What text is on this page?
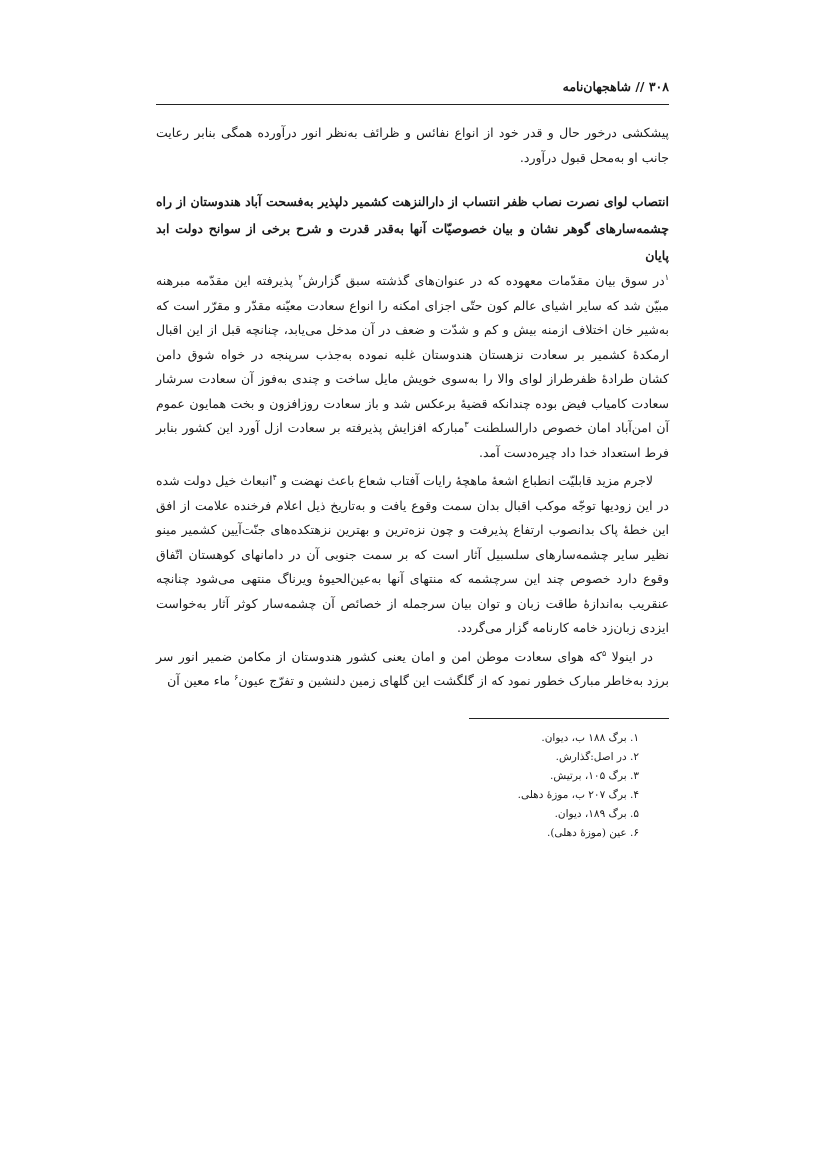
۳۰۸ // شاهجهان‌نامه

پیشکشی درخور حال و قدر خود از انواع نفائس و ظرائف به‌نظر انور درآورده همگی بنابر رعایت جانب او به‌محل قبول درآورد.

انتصاب لوای نصرت نصاب ظفر انتساب از دارالنزهت کشمیر دلپذیر به‌فسحت آباد هندوستان از راه چشمه‌سارهای گوهر نشان و بیان خصوصیّات آنها به‌قدر قدرت و شرح برخی از سوانح دولت ابد پایان

$^۱$در سوق بیان مقدّمات معهوده که در عنوان‌های گذشته سبق گزارش$^۲$ پذیرفته این مقدّمه مبرهنه مبیّن شد که سایر اشیای عالم کون حتّی اجزای امکنه را انواع سعادت معیّنه مقدّر و مقرّر است که به‌شیر خان اختلاف ازمنه بیش و کم و شدّت و ضعف در آن مدخل می‌یابد، چنانچه قبل از این اقبال ارمکدهٔ کشمیر بر سعادت نزهستان هندوستان غلبه نموده به‌جذب سرپنجه در خواه شوق دامن کشان طرادهٔ ظفرطراز لوای والا را به‌سوی خویش مایل ساخت و چندی به‌فوز آن سعادت سرشار سعادت کامیاب فیض بوده چندانکه قضیهٔ برعکس شد و باز سعادت روزافزون و بخت همایون عموم آن امن‌آباد امان خصوص دارالسلطنت $^۳$مبارکه افزایش پذیرفته بر سعادت ازل آورد این کشور بنابر فرط استعداد خدا داد چیره‌دست آمد.

لاجرم مزید قابلیّت انطباع اشعهٔ ماهچهٔ رایات آفتاب شعاع باعث نهضت و $^۴$انبعاث خیل دولت شده در این زودیها توجّه موکب اقبال بدان سمت وقوع یافت و به‌تاریخ ذیل اعلام فرخنده علامت از افق این خطهٔ پاک بدانصوب ارتفاع پذیرفت و چون نزه‌ترین و بهترین نزهتکده‌های جنّت‌آیین کشمیر مینو نظیر سایر چشمه‌سارهای سلسبیل آثار است که بر سمت جنوبی آن در دامانهای کوهستان اتّفاق وقوع دارد خصوص چند این سرچشمه که منتهای آنها به‌عین‌الحیوهٔ ویرناگ منتهی می‌شود چنانچه عنقریب به‌اندازهٔ طاقت زبان و توان بیان سرجمله از خصائص آن چشمه‌سار کوثر آثار به‌خواست ایزدی زبان‌زد خامه کارنامه گزار می‌گردد.

در اینولا $^۵$که هوای سعادت موطن امن و امان یعنی کشور هندوستان از مکامن ضمیر انور سر برزد به‌خاطر مبارک خطور نمود که از گلگشت این گلهای زمین دلنشین و تفرّج عیون$^۶$ ماء معین آن

۱. برگ ۱۸۸ ب، دیوان.
۲. در اصل:گذارش.
۳. برگ ۱۰۵، برتیش.
۴. برگ ۲۰۷ ب، موزهٔ دهلی.
۵. برگ ۱۸۹، دیوان.
۶. عین (موزهٔ دهلی).
